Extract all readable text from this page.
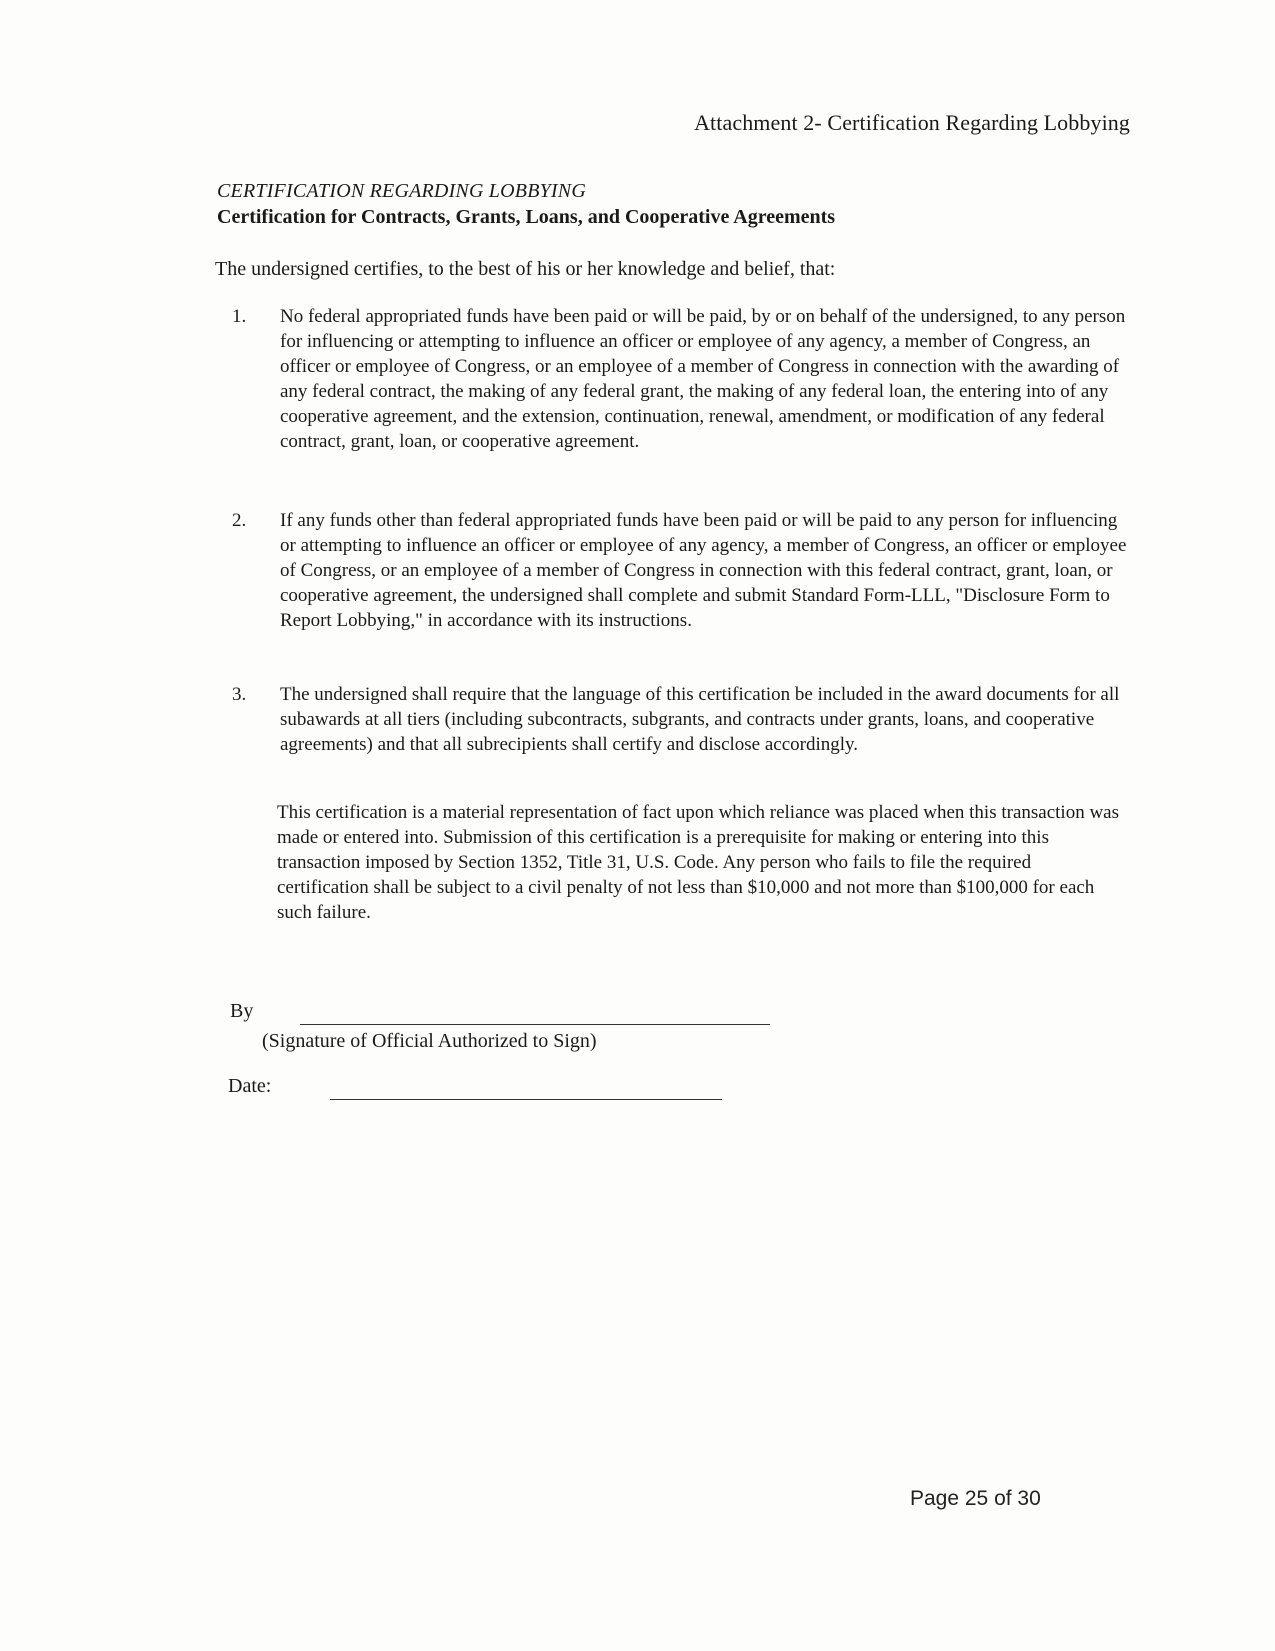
Attachment 2- Certification Regarding Lobbying
CERTIFICATION REGARDING LOBBYING
Certification for Contracts, Grants, Loans, and Cooperative Agreements
The undersigned certifies, to the best of his or her knowledge and belief, that:
1.	No federal appropriated funds have been paid or will be paid, by or on behalf of the undersigned, to any person for influencing or attempting to influence an officer or employee of any agency, a member of Congress, an officer or employee of Congress, or an employee of a member of Congress in connection with the awarding of any federal contract, the making of any federal grant, the making of any federal loan, the entering into of any cooperative agreement, and the extension, continuation, renewal, amendment, or modification of any federal contract, grant, loan, or cooperative agreement.
2.	If any funds other than federal appropriated funds have been paid or will be paid to any person for influencing or attempting to influence an officer or employee of any agency, a member of Congress, an officer or employee of Congress, or an employee of a member of Congress in connection with this federal contract, grant, loan, or cooperative agreement, the undersigned shall complete and submit Standard Form-LLL, "Disclosure Form to Report Lobbying," in accordance with its instructions.
3.	The undersigned shall require that the language of this certification be included in the award documents for all subawards at all tiers (including subcontracts, subgrants, and contracts under grants, loans, and cooperative agreements) and that all subrecipients shall certify and disclose accordingly.
This certification is a material representation of fact upon which reliance was placed when this transaction was made or entered into. Submission of this certification is a prerequisite for making or entering into this transaction imposed by Section 1352, Title 31, U.S. Code. Any person who fails to file the required certification shall be subject to a civil penalty of not less than $10,000 and not more than $100,000 for each such failure.
By
(Signature of Official Authorized to Sign)
Date:
Page 25 of 30
